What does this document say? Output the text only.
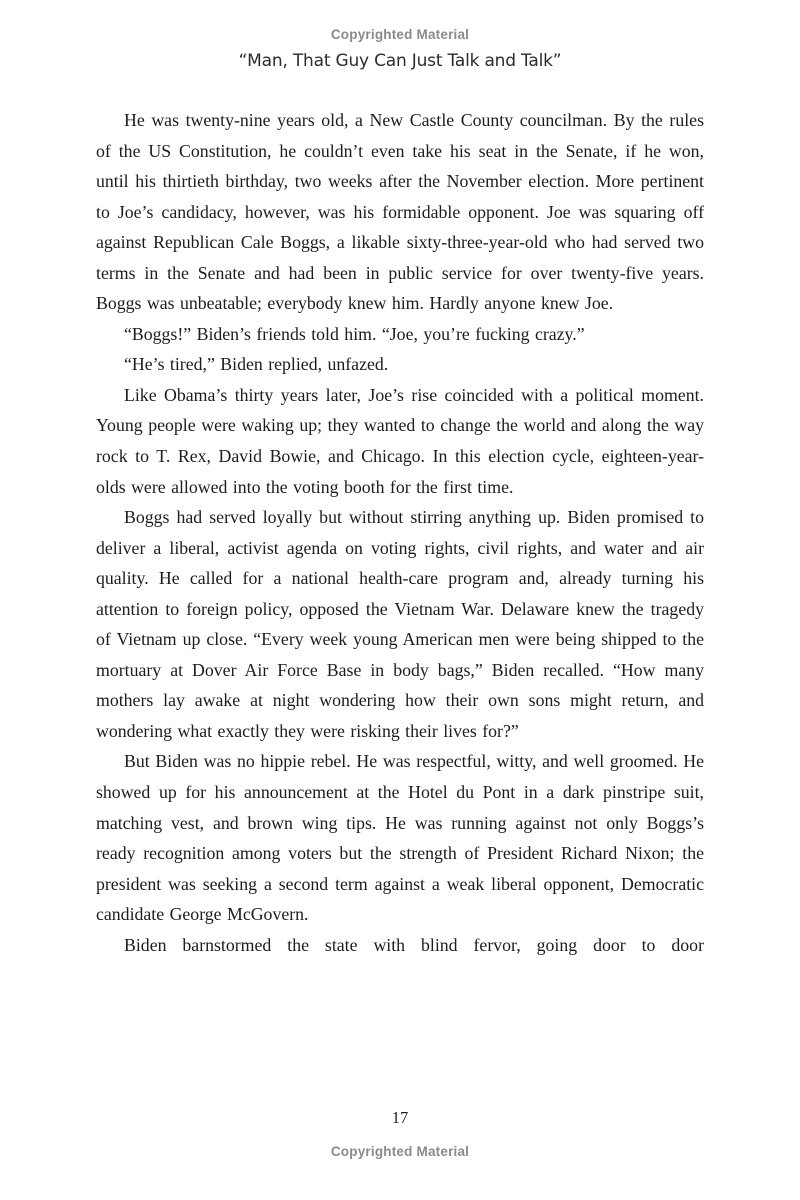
Copyrighted Material
“Man, That Guy Can Just Talk and Talk”

He was twenty-nine years old, a New Castle County councilman. By the rules of the US Constitution, he couldn’t even take his seat in the Senate, if he won, until his thirtieth birthday, two weeks after the November election. More pertinent to Joe’s candidacy, however, was his formidable opponent. Joe was squaring off against Republican Cale Boggs, a likable sixty-three-year-old who had served two terms in the Senate and had been in public service for over twenty-five years. Boggs was unbeatable; everybody knew him. Hardly anyone knew Joe.

“Boggs!” Biden’s friends told him. “Joe, you’re fucking crazy.”

“He’s tired,” Biden replied, unfazed.

Like Obama’s thirty years later, Joe’s rise coincided with a political moment. Young people were waking up; they wanted to change the world and along the way rock to T. Rex, David Bowie, and Chicago. In this election cycle, eighteen-year-olds were allowed into the voting booth for the first time.

Boggs had served loyally but without stirring anything up. Biden promised to deliver a liberal, activist agenda on voting rights, civil rights, and water and air quality. He called for a national health-care program and, already turning his attention to foreign policy, opposed the Vietnam War. Delaware knew the tragedy of Vietnam up close. “Every week young American men were being shipped to the mortuary at Dover Air Force Base in body bags,” Biden recalled. “How many mothers lay awake at night wondering how their own sons might return, and wondering what exactly they were risking their lives for?”

But Biden was no hippie rebel. He was respectful, witty, and well groomed. He showed up for his announcement at the Hotel du Pont in a dark pinstripe suit, matching vest, and brown wing tips. He was running against not only Boggs’s ready recognition among voters but the strength of President Richard Nixon; the president was seeking a second term against a weak liberal opponent, Democratic candidate George McGovern.

Biden barnstormed the state with blind fervor, going door to door

17
Copyrighted Material
